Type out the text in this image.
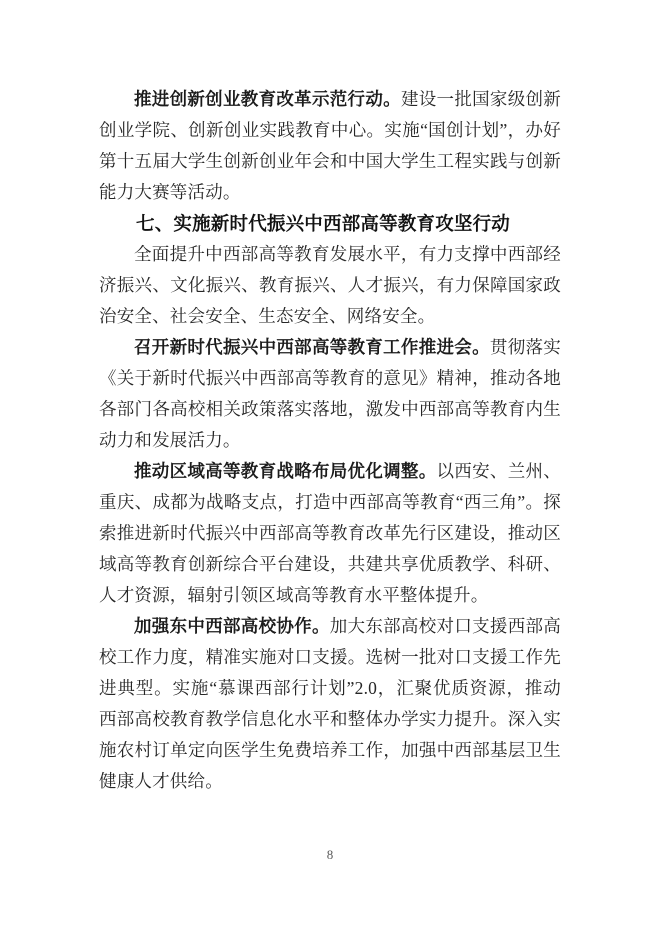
推进创新创业教育改革示范行动。建设一批国家级创新创业学院、创新创业实践教育中心。实施“国创计划”，办好第十五届大学生创新创业年会和中国大学生工程实践与创新能力大赛等活动。

七、实施新时代振兴中西部高等教育攻坚行动

全面提升中西部高等教育发展水平，有力支撑中西部经济振兴、文化振兴、教育振兴、人才振兴，有力保障国家政治安全、社会安全、生态安全、网络安全。

召开新时代振兴中西部高等教育工作推进会。贯彻落实《关于新时代振兴中西部高等教育的意见》精神，推动各地各部门各高校相关政策落实落地，激发中西部高等教育内生动力和发展活力。

推动区域高等教育战略布局优化调整。以西安、兰州、重庆、成都为战略支点，打造中西部高等教育“西三角”。探索推进新时代振兴中西部高等教育改革先行区建设，推动区域高等教育创新综合平台建设，共建共享优质教学、科研、人才资源，辐射引领区域高等教育水平整体提升。

加强东中西部高校协作。加大东部高校对口支援西部高校工作力度，精准实施对口支援。选树一批对口支援工作先进典型。实施“慕课西部行计划”2.0，汇聚优质资源，推动西部高校教育教学信息化水平和整体办学实力提升。深入实施农村订单定向医学生免费培养工作，加强中西部基层卫生健康人才供给。

8
